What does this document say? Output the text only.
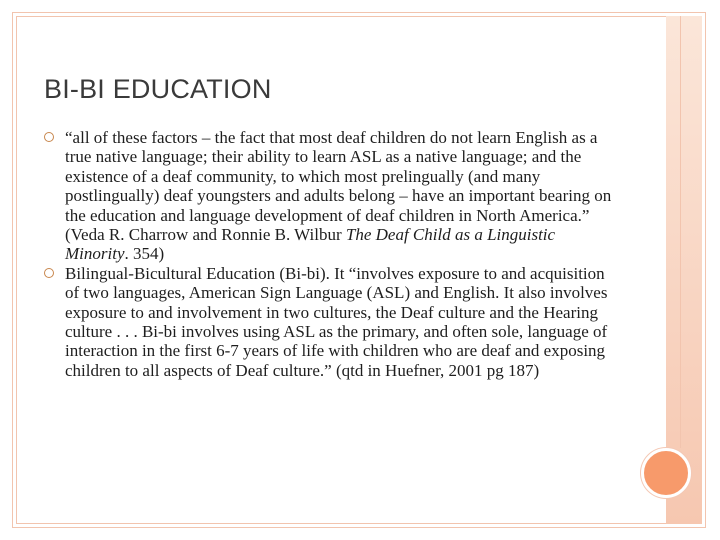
BI-BI EDUCATION
“all of these factors – the fact that most deaf children do not learn English as a true native language; their ability to learn ASL as a native language; and the existence of a deaf community, to which most prelingually (and many postlingually) deaf youngsters and adults belong – have an important bearing on the education and language development of deaf children in North America.” (Veda R. Charrow and Ronnie B. Wilbur The Deaf Child as a Linguistic Minority. 354)
Bilingual-Bicultural Education (Bi-bi). It “involves exposure to and acquisition of two languages, American Sign Language (ASL) and English. It also involves exposure to and involvement in two cultures, the Deaf culture and the Hearing culture . . . Bi-bi involves using ASL as the primary, and often sole, language of interaction in the first 6-7 years of life with children who are deaf and exposing children to all aspects of Deaf culture.” (qtd in Huefner, 2001 pg 187)
